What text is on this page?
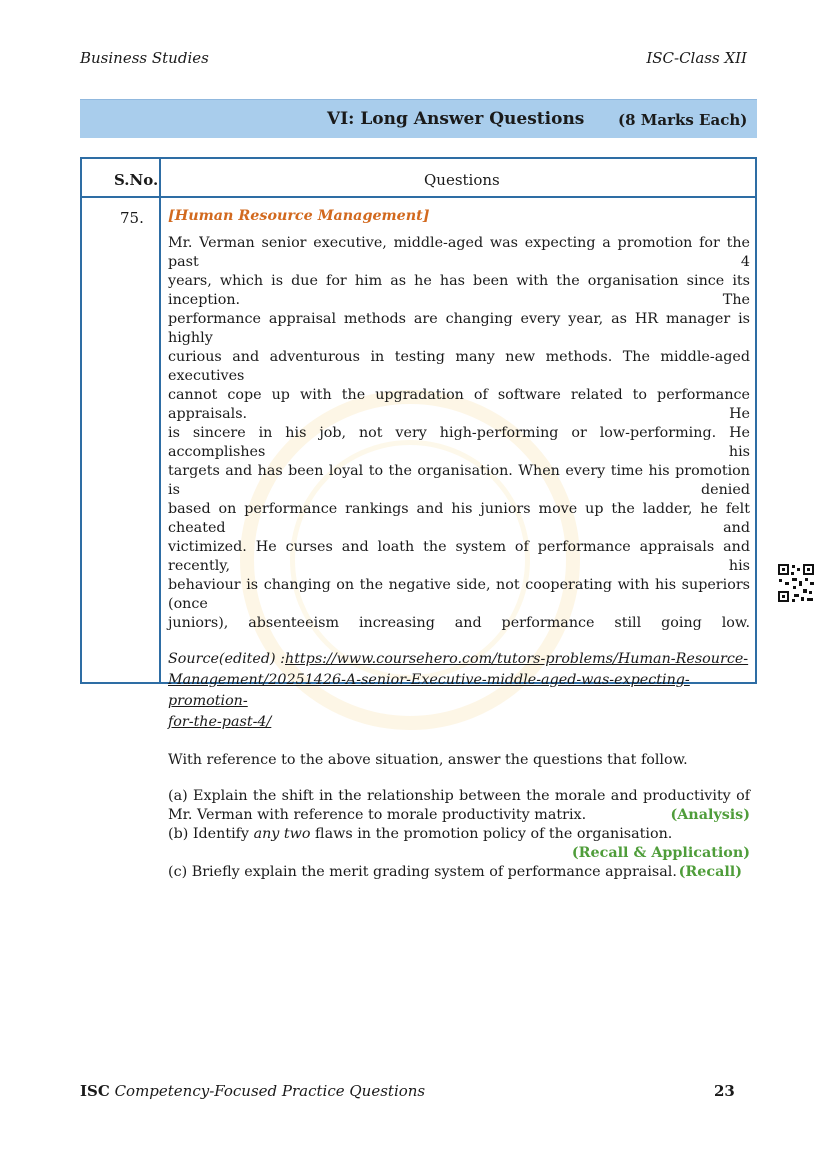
Business Studies	ISC-Class XII
VI: Long Answer Questions (8 Marks Each)
S.No.	Questions
75. [Human Resource Management]

Mr. Verman senior executive, middle-aged was expecting a promotion for the past 4

years, which is due for him as he has been with the organisation since its inception. The

performance appraisal methods are changing every year, as HR manager is highly

curious and adventurous in testing many new methods. The middle-aged executives

cannot cope up with the upgradation of software related to performance appraisals. He

is sincere in his job, not very high-performing or low-performing. He accomplishes his

targets and has been loyal to the organisation. When every time his promotion is denied

based on performance rankings and his juniors move up the ladder, he felt cheated and

victimized. He curses and loath the system of performance appraisals and recently, his

behaviour is changing on the negative side, not cooperating with his superiors (once

juniors), absenteeism increasing and performance still going low.

Source(edited) :https://www.coursehero.com/tutors-problems/Human-Resource-
Management/20251426-A-senior-Executive-middle-aged-was-expecting-promotion-
for-the-past-4/
With reference to the above situation, answer the questions that follow.
(a) Explain the shift in the relationship between the morale and productivity of
Mr. Verman with reference to morale productivity matrix.	(Analysis)
(b) Identify any two flaws in the promotion policy of the organisation.
(Recall & Application)
(c) Briefly explain the merit grading system of performance appraisal. (Recall)
ISC Competency-Focused Practice Questions	23
